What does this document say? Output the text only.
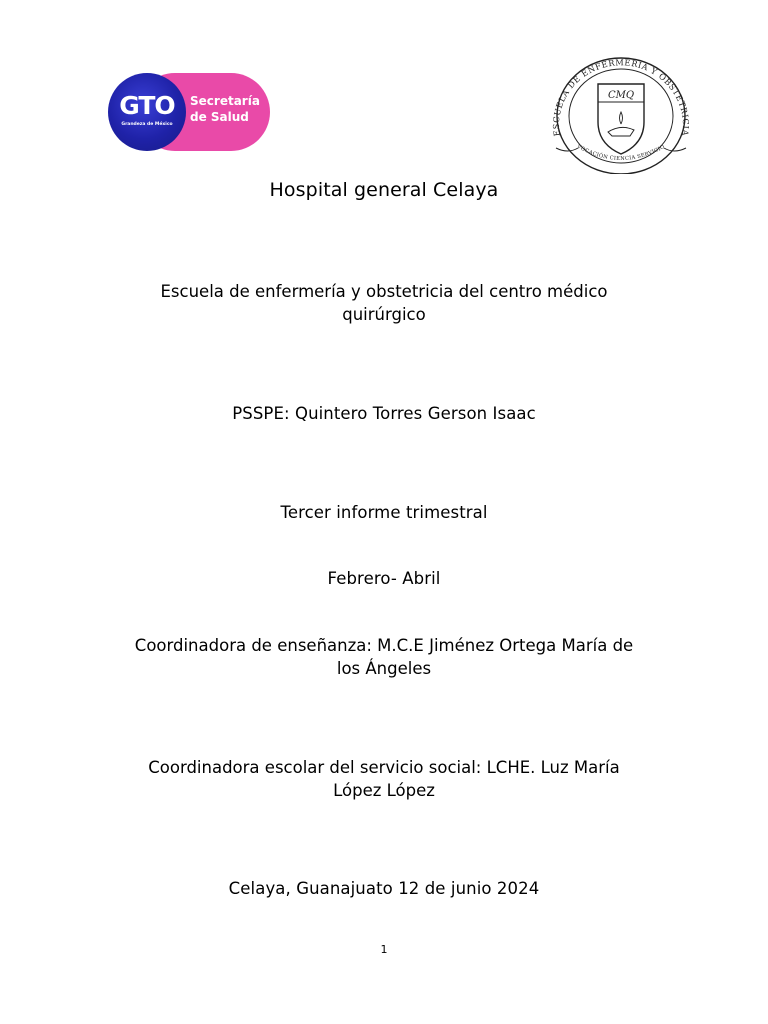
GTO
Grandeza de México
Secretaría
de Salud
ESCUELA DE ENFERMERÍA Y OBSTETRICIA
CMQ
VOCACIÓN CIENCIA SERVICIO

Hospital general Celaya

Escuela de enfermería y obstetricia del centro médico
quirúrgico

PSSPE: Quintero Torres Gerson Isaac

Tercer informe trimestral

Febrero- Abril

Coordinadora de enseñanza: M.C.E Jiménez Ortega María de
los Ángeles
Coordinadora escolar del servicio social: LCHE. Luz María
López López

Celaya, Guanajuato 12 de junio 2024

1
